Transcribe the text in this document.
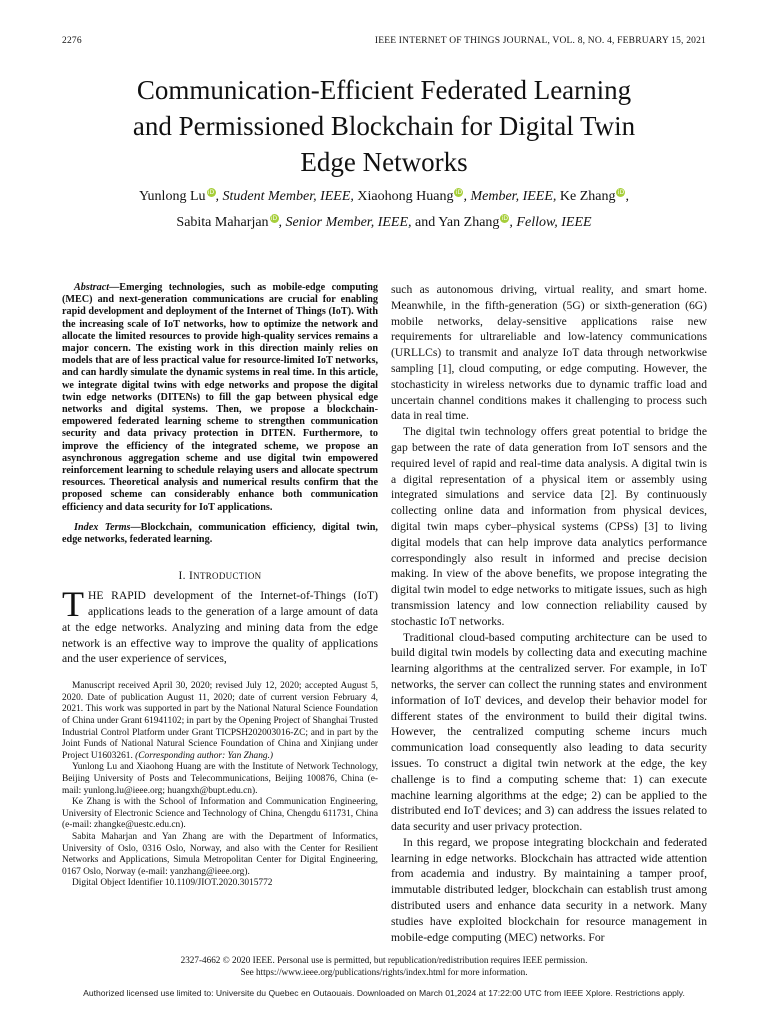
2276	IEEE INTERNET OF THINGS JOURNAL, VOL. 8, NO. 4, FEBRUARY 15, 2021
Communication-Efficient Federated Learning
and Permissioned Blockchain for Digital Twin
Edge Networks
Yunlong Lu iD, Student Member, IEEE, Xiaohong Huang iD, Member, IEEE, Ke Zhang iD,
Sabita Maharjan iD, Senior Member, IEEE, and Yan Zhang iD, Fellow, IEEE

Abstract—Emerging technologies, such as mobile-edge computing (MEC) and next-generation communications are crucial for enabling rapid development and deployment of the Internet of Things (IoT). With the increasing scale of IoT networks, how to optimize the network and allocate the limited resources to provide high-quality services remains a major concern. The existing work in this direction mainly relies on models that are of less practical value for resource-limited IoT networks, and can hardly simulate the dynamic systems in real time. In this article, we integrate digital twins with edge networks and propose the digital twin edge networks (DITENs) to fill the gap between physical edge networks and digital systems. Then, we propose a blockchain-empowered federated learning scheme to strengthen communication security and data privacy protection in DITEN. Furthermore, to improve the efficiency of the integrated scheme, we propose an asynchronous aggregation scheme and use digital twin empowered reinforcement learning to schedule relaying users and allocate spectrum resources. Theoretical analysis and numerical results confirm that the proposed scheme can considerably enhance both communication efficiency and data security for IoT applications.

Index Terms—Blockchain, communication efficiency, digital twin, edge networks, federated learning.

I. INTRODUCTION

THE RAPID development of the Internet-of-Things (IoT) applications leads to the generation of a large amount of data at the edge networks. Analyzing and mining data from the edge network is an effective way to improve the quality of applications and the user experience of services,

Manuscript received April 30, 2020; revised July 12, 2020; accepted August 5, 2020. Date of publication August 11, 2020; date of current version February 4, 2021. This work was supported in part by the National Natural Science Foundation of China under Grant 61941102; in part by the Opening Project of Shanghai Trusted Industrial Control Platform under Grant TICPSH202003016-ZC; and in part by the Joint Funds of National Natural Science Foundation of China and Xinjiang under Project U1603261. (Corresponding author: Yan Zhang.)

Yunlong Lu and Xiaohong Huang are with the Institute of Network Technology, Beijing University of Posts and Telecommunications, Beijing 100876, China (e-mail: yunlong.lu@ieee.org; huangxh@bupt.edu.cn).

Ke Zhang is with the School of Information and Communication Engineering, University of Electronic Science and Technology of China, Chengdu 611731, China (e-mail: zhangke@uestc.edu.cn).

Sabita Maharjan and Yan Zhang are with the Department of Informatics, University of Oslo, 0316 Oslo, Norway, and also with the Center for Resilient Networks and Applications, Simula Metropolitan Center for Digital Engineering, 0167 Oslo, Norway (e-mail: yanzhang@ieee.org).

Digital Object Identifier 10.1109/JIOT.2020.3015772

such as autonomous driving, virtual reality, and smart home. Meanwhile, in the fifth-generation (5G) or sixth-generation (6G) mobile networks, delay-sensitive applications raise new requirements for ultrareliable and low-latency communications (URLLCs) to transmit and analyze IoT data through networkwise sampling [1], cloud computing, or edge computing. However, the stochasticity in wireless networks due to dynamic traffic load and uncertain channel conditions makes it challenging to process such data in real time.

The digital twin technology offers great potential to bridge the gap between the rate of data generation from IoT sensors and the required level of rapid and real-time data analysis. A digital twin is a digital representation of a physical item or assembly using integrated simulations and service data [2]. By continuously collecting online data and information from physical devices, digital twin maps cyber–physical systems (CPSs) [3] to living digital models that can help improve data analytics performance correspondingly also result in informed and precise decision making. In view of the above benefits, we propose integrating the digital twin model to edge networks to mitigate issues, such as high transmission latency and low connection reliability caused by stochastic IoT networks.

Traditional cloud-based computing architecture can be used to build digital twin models by collecting data and executing machine learning algorithms at the centralized server. For example, in IoT networks, the server can collect the running states and environment information of IoT devices, and develop their behavior model for different states of the environment to build their digital twins. However, the centralized computing scheme incurs much communication load consequently also leading to data security issues. To construct a digital twin network at the edge, the key challenge is to find a computing scheme that: 1) can execute machine learning algorithms at the edge; 2) can be applied to the distributed end IoT devices; and 3) can address the issues related to data security and user privacy protection.

In this regard, we propose integrating blockchain and federated learning in edge networks. Blockchain has attracted wide attention from academia and industry. By maintaining a tamper proof, immutable distributed ledger, blockchain can establish trust among distributed users and enhance data security in a network. Many studies have exploited blockchain for resource management in mobile-edge computing (MEC) networks. For

2327-4662 © 2020 IEEE. Personal use is permitted, but republication/redistribution requires IEEE permission.
See https://www.ieee.org/publications/rights/index.html for more information.
Authorized licensed use limited to: Universite du Quebec en Outaouais. Downloaded on March 01,2024 at 17:22:00 UTC from IEEE Xplore. Restrictions apply.
